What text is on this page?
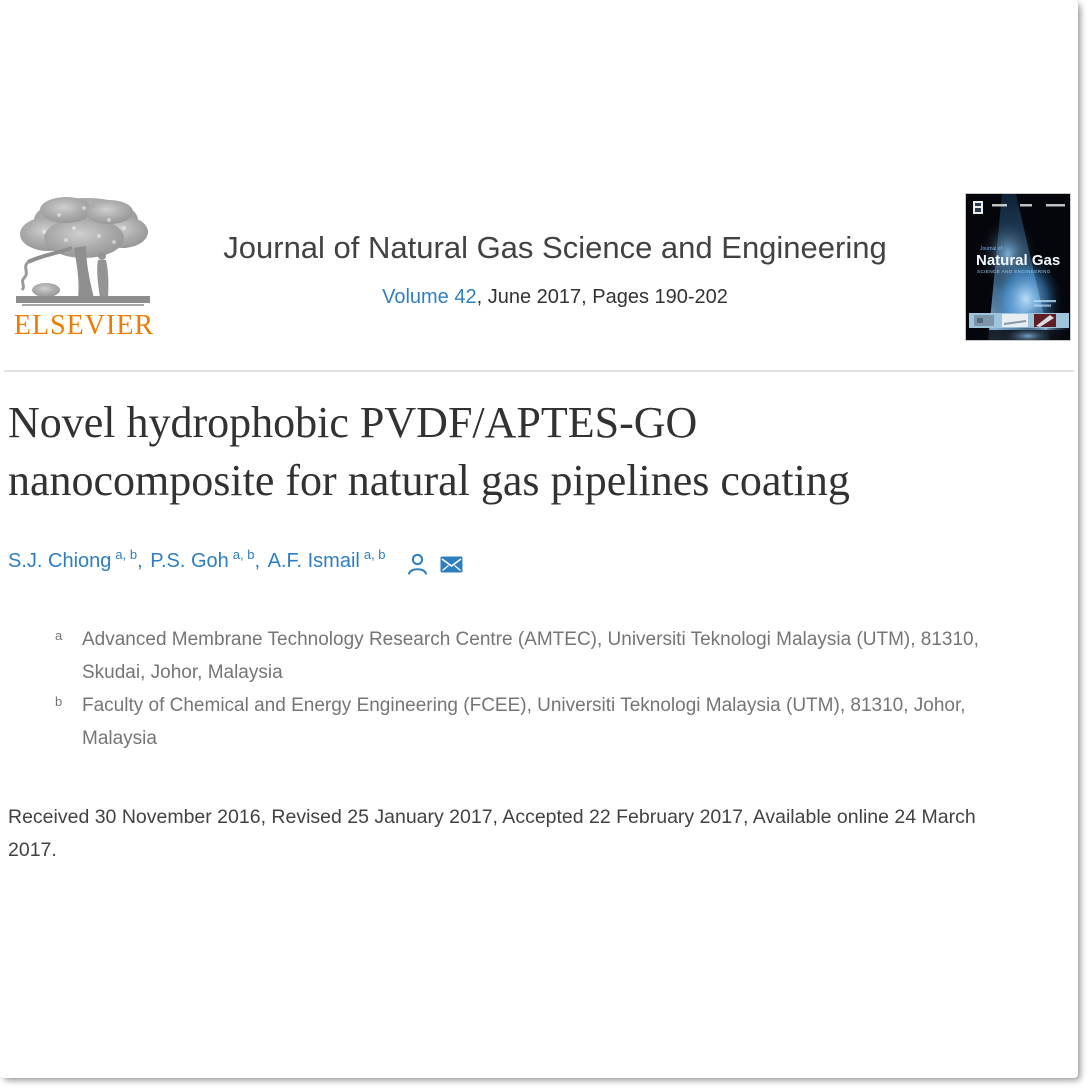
ELSEVIER
Journal of Natural Gas Science and Engineering
Volume 42, June 2017, Pages 190-202
Journal of
Natural Gas
SCIENCE AND ENGINEERING
Novel hydrophobic PVDF/APTES-GO
nanocomposite for natural gas pipelines coating
S.J. Chiong $^{a, b}$, P.S. Goh $^{a, b}$, A.F. Ismail $^{a, b}$
a Advanced Membrane Technology Research Centre (AMTEC), Universiti Teknologi Malaysia (UTM), 81310,
Skudai, Johor, Malaysia
b Faculty of Chemical and Energy Engineering (FCEE), Universiti Teknologi Malaysia (UTM), 81310, Johor,
Malaysia
Received 30 November 2016, Revised 25 January 2017, Accepted 22 February 2017, Available online 24 March
2017.
